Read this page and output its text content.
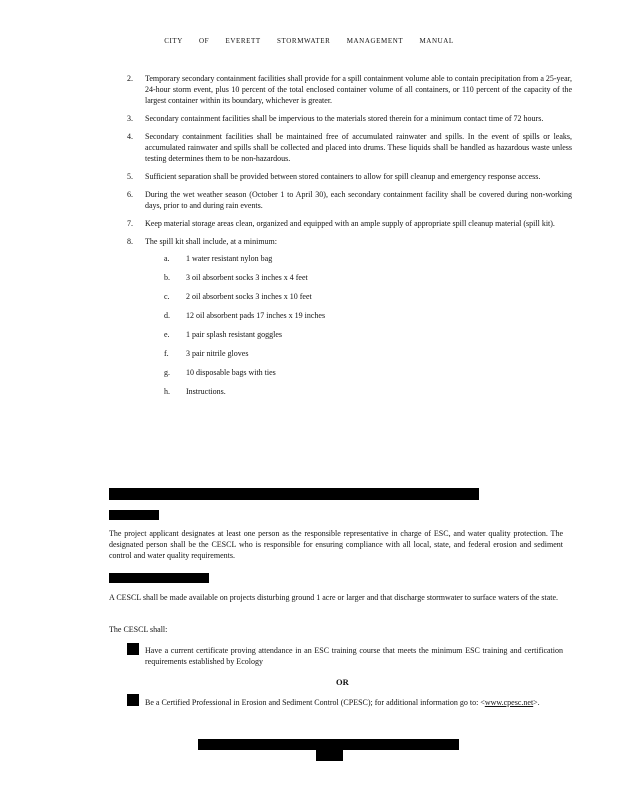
CITY OF EVERETT STORMWATER MANAGEMENT MANUAL
2.	Temporary secondary containment facilities shall provide for a spill containment volume able to contain precipitation from a 25-year, 24-hour storm event, plus 10 percent of the total enclosed container volume of all containers, or 110 percent of the capacity of the largest container within its boundary, whichever is greater.
3.	Secondary containment facilities shall be impervious to the materials stored therein for a minimum contact time of 72 hours.
4.	Secondary containment facilities shall be maintained free of accumulated rainwater and spills. In the event of spills or leaks, accumulated rainwater and spills shall be collected and placed into drums. These liquids shall be handled as hazardous waste unless testing determines them to be non-hazardous.
5.	Sufficient separation shall be provided between stored containers to allow for spill cleanup and emergency response access.
6.	During the wet weather season (October 1 to April 30), each secondary containment facility shall be covered during non-working days, prior to and during rain events.
7.	Keep material storage areas clean, organized and equipped with an ample supply of appropriate spill cleanup material (spill kit).
8.	The spill kit shall include, at a minimum:
a.	1 water resistant nylon bag
b.	3 oil absorbent socks 3 inches x 4 feet
c.	2 oil absorbent socks 3 inches x 10 feet
d.	12 oil absorbent pads 17 inches x 19 inches
e.	1 pair splash resistant goggles
f.	3 pair nitrile gloves
g.	10 disposable bags with ties
h.	Instructions.
The project applicant designates at least one person as the responsible representative in charge of ESC, and water quality protection. The designated person shall be the CESCL who is responsible for ensuring compliance with all local, state, and federal erosion and sediment control and water quality requirements.
A CESCL shall be made available on projects disturbing ground 1 acre or larger and that discharge stormwater to surface waters of the state.
The CESCL shall:
Have a current certificate proving attendance in an ESC training course that meets the minimum ESC training and certification requirements established by Ecology
OR
Be a Certified Professional in Erosion and Sediment Control (CPESC); for additional information go to: <www.cpesc.net>.
